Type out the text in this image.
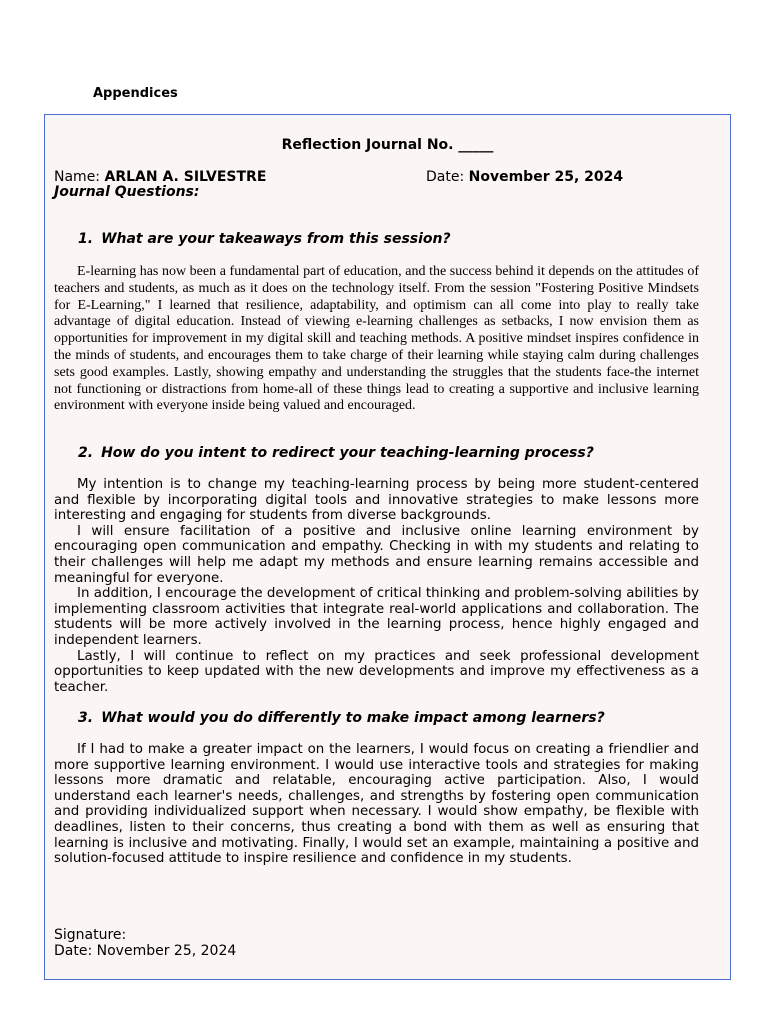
Appendices
Reflection Journal No. _____
Name: ARLAN A. SILVESTRE	Date: November 25, 2024
Journal Questions:
1. What are your takeaways from this session?

E-learning has now been a fundamental part of education, and the success behind it depends on the attitudes of teachers and students, as much as it does on the technology itself. From the session "Fostering Positive Mindsets for E-Learning," I learned that resilience, adaptability, and optimism can all come into play to really take advantage of digital education. Instead of viewing e-learning challenges as setbacks, I now envision them as opportunities for improvement in my digital skill and teaching methods. A positive mindset inspires confidence in the minds of students, and encourages them to take charge of their learning while staying calm during challenges sets good examples. Lastly, showing empathy and understanding the struggles that the students face-the internet not functioning or distractions from home-all of these things lead to creating a supportive and inclusive learning environment with everyone inside being valued and encouraged.

2. How do you intent to redirect your teaching-learning process?

My intention is to change my teaching-learning process by being more student-centered and flexible by incorporating digital tools and innovative strategies to make lessons more interesting and engaging for students from diverse backgrounds.

I will ensure facilitation of a positive and inclusive online learning environment by encouraging open communication and empathy. Checking in with my students and relating to their challenges will help me adapt my methods and ensure learning remains accessible and meaningful for everyone.

In addition, I encourage the development of critical thinking and problem-solving abilities by implementing classroom activities that integrate real-world applications and collaboration. The students will be more actively involved in the learning process, hence highly engaged and independent learners.

Lastly, I will continue to reflect on my practices and seek professional development opportunities to keep updated with the new developments and improve my effectiveness as a teacher.

3. What would you do differently to make impact among learners?

If I had to make a greater impact on the learners, I would focus on creating a friendlier and more supportive learning environment. I would use interactive tools and strategies for making lessons more dramatic and relatable, encouraging active participation. Also, I would understand each learner's needs, challenges, and strengths by fostering open communication and providing individualized support when necessary. I would show empathy, be flexible with deadlines, listen to their concerns, thus creating a bond with them as well as ensuring that learning is inclusive and motivating. Finally, I would set an example, maintaining a positive and solution-focused attitude to inspire resilience and confidence in my students.

Signature:
Date: November 25, 2024
